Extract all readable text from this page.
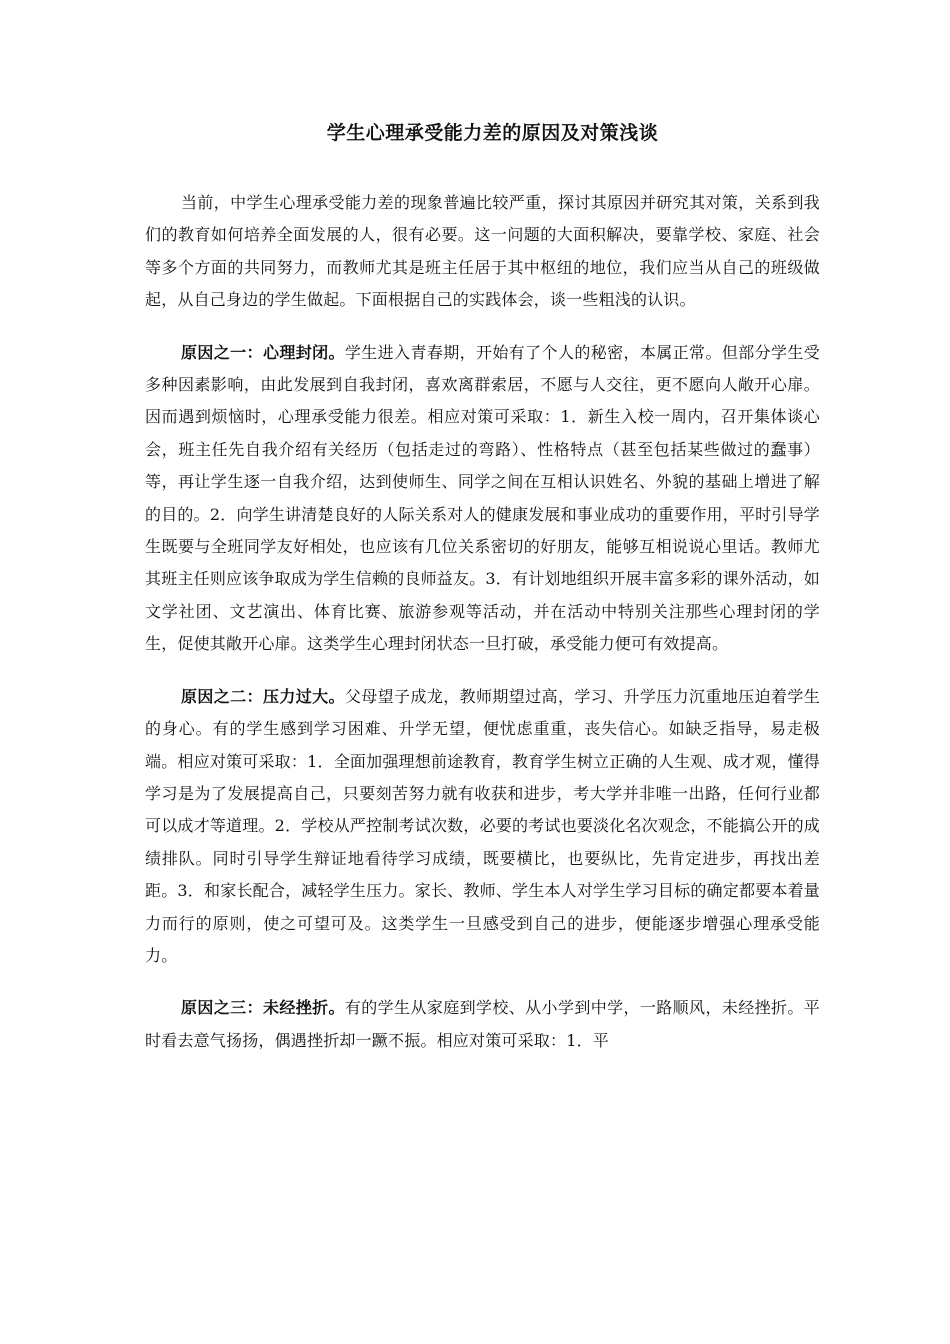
学生心理承受能力差的原因及对策浅谈

当前，中学生心理承受能力差的现象普遍比较严重，探讨其原因并研究其对策，关系到我们的教育如何培养全面发展的人，很有必要。这一问题的大面积解决，要靠学校、家庭、社会等多个方面的共同努力，而教师尤其是班主任居于其中枢纽的地位，我们应当从自己的班级做起，从自己身边的学生做起。下面根据自己的实践体会，谈一些粗浅的认识。

原因之一：心理封闭。学生进入青春期，开始有了个人的秘密，本属正常。但部分学生受多种因素影响，由此发展到自我封闭，喜欢离群索居，不愿与人交往，更不愿向人敞开心扉。因而遇到烦恼时，心理承受能力很差。相应对策可采取：1．新生入校一周内，召开集体谈心会，班主任先自我介绍有关经历（包括走过的弯路）、性格特点（甚至包括某些做过的蠢事）等，再让学生逐一自我介绍，达到使师生、同学之间在互相认识姓名、外貌的基础上增进了解的目的。2．向学生讲清楚良好的人际关系对人的健康发展和事业成功的重要作用，平时引导学生既要与全班同学友好相处，也应该有几位关系密切的好朋友，能够互相说说心里话。教师尤其班主任则应该争取成为学生信赖的良师益友。3．有计划地组织开展丰富多彩的课外活动，如文学社团、文艺演出、体育比赛、旅游参观等活动，并在活动中特别关注那些心理封闭的学生，促使其敞开心扉。这类学生心理封闭状态一旦打破，承受能力便可有效提高。

原因之二：压力过大。父母望子成龙，教师期望过高，学习、升学压力沉重地压迫着学生的身心。有的学生感到学习困难、升学无望，便忧虑重重，丧失信心。如缺乏指导，易走极端。相应对策可采取：1．全面加强理想前途教育，教育学生树立正确的人生观、成才观，懂得学习是为了发展提高自己，只要刻苦努力就有收获和进步，考大学并非唯一出路，任何行业都可以成才等道理。2．学校从严控制考试次数，必要的考试也要淡化名次观念，不能搞公开的成绩排队。同时引导学生辩证地看待学习成绩，既要横比，也要纵比，先肯定进步，再找出差距。3．和家长配合，减轻学生压力。家长、教师、学生本人对学生学习目标的确定都要本着量力而行的原则，使之可望可及。这类学生一旦感受到自己的进步，便能逐步增强心理承受能力。

原因之三：未经挫折。有的学生从家庭到学校、从小学到中学，一路顺风，未经挫折。平时看去意气扬扬，偶遇挫折却一蹶不振。相应对策可采取：1．平
